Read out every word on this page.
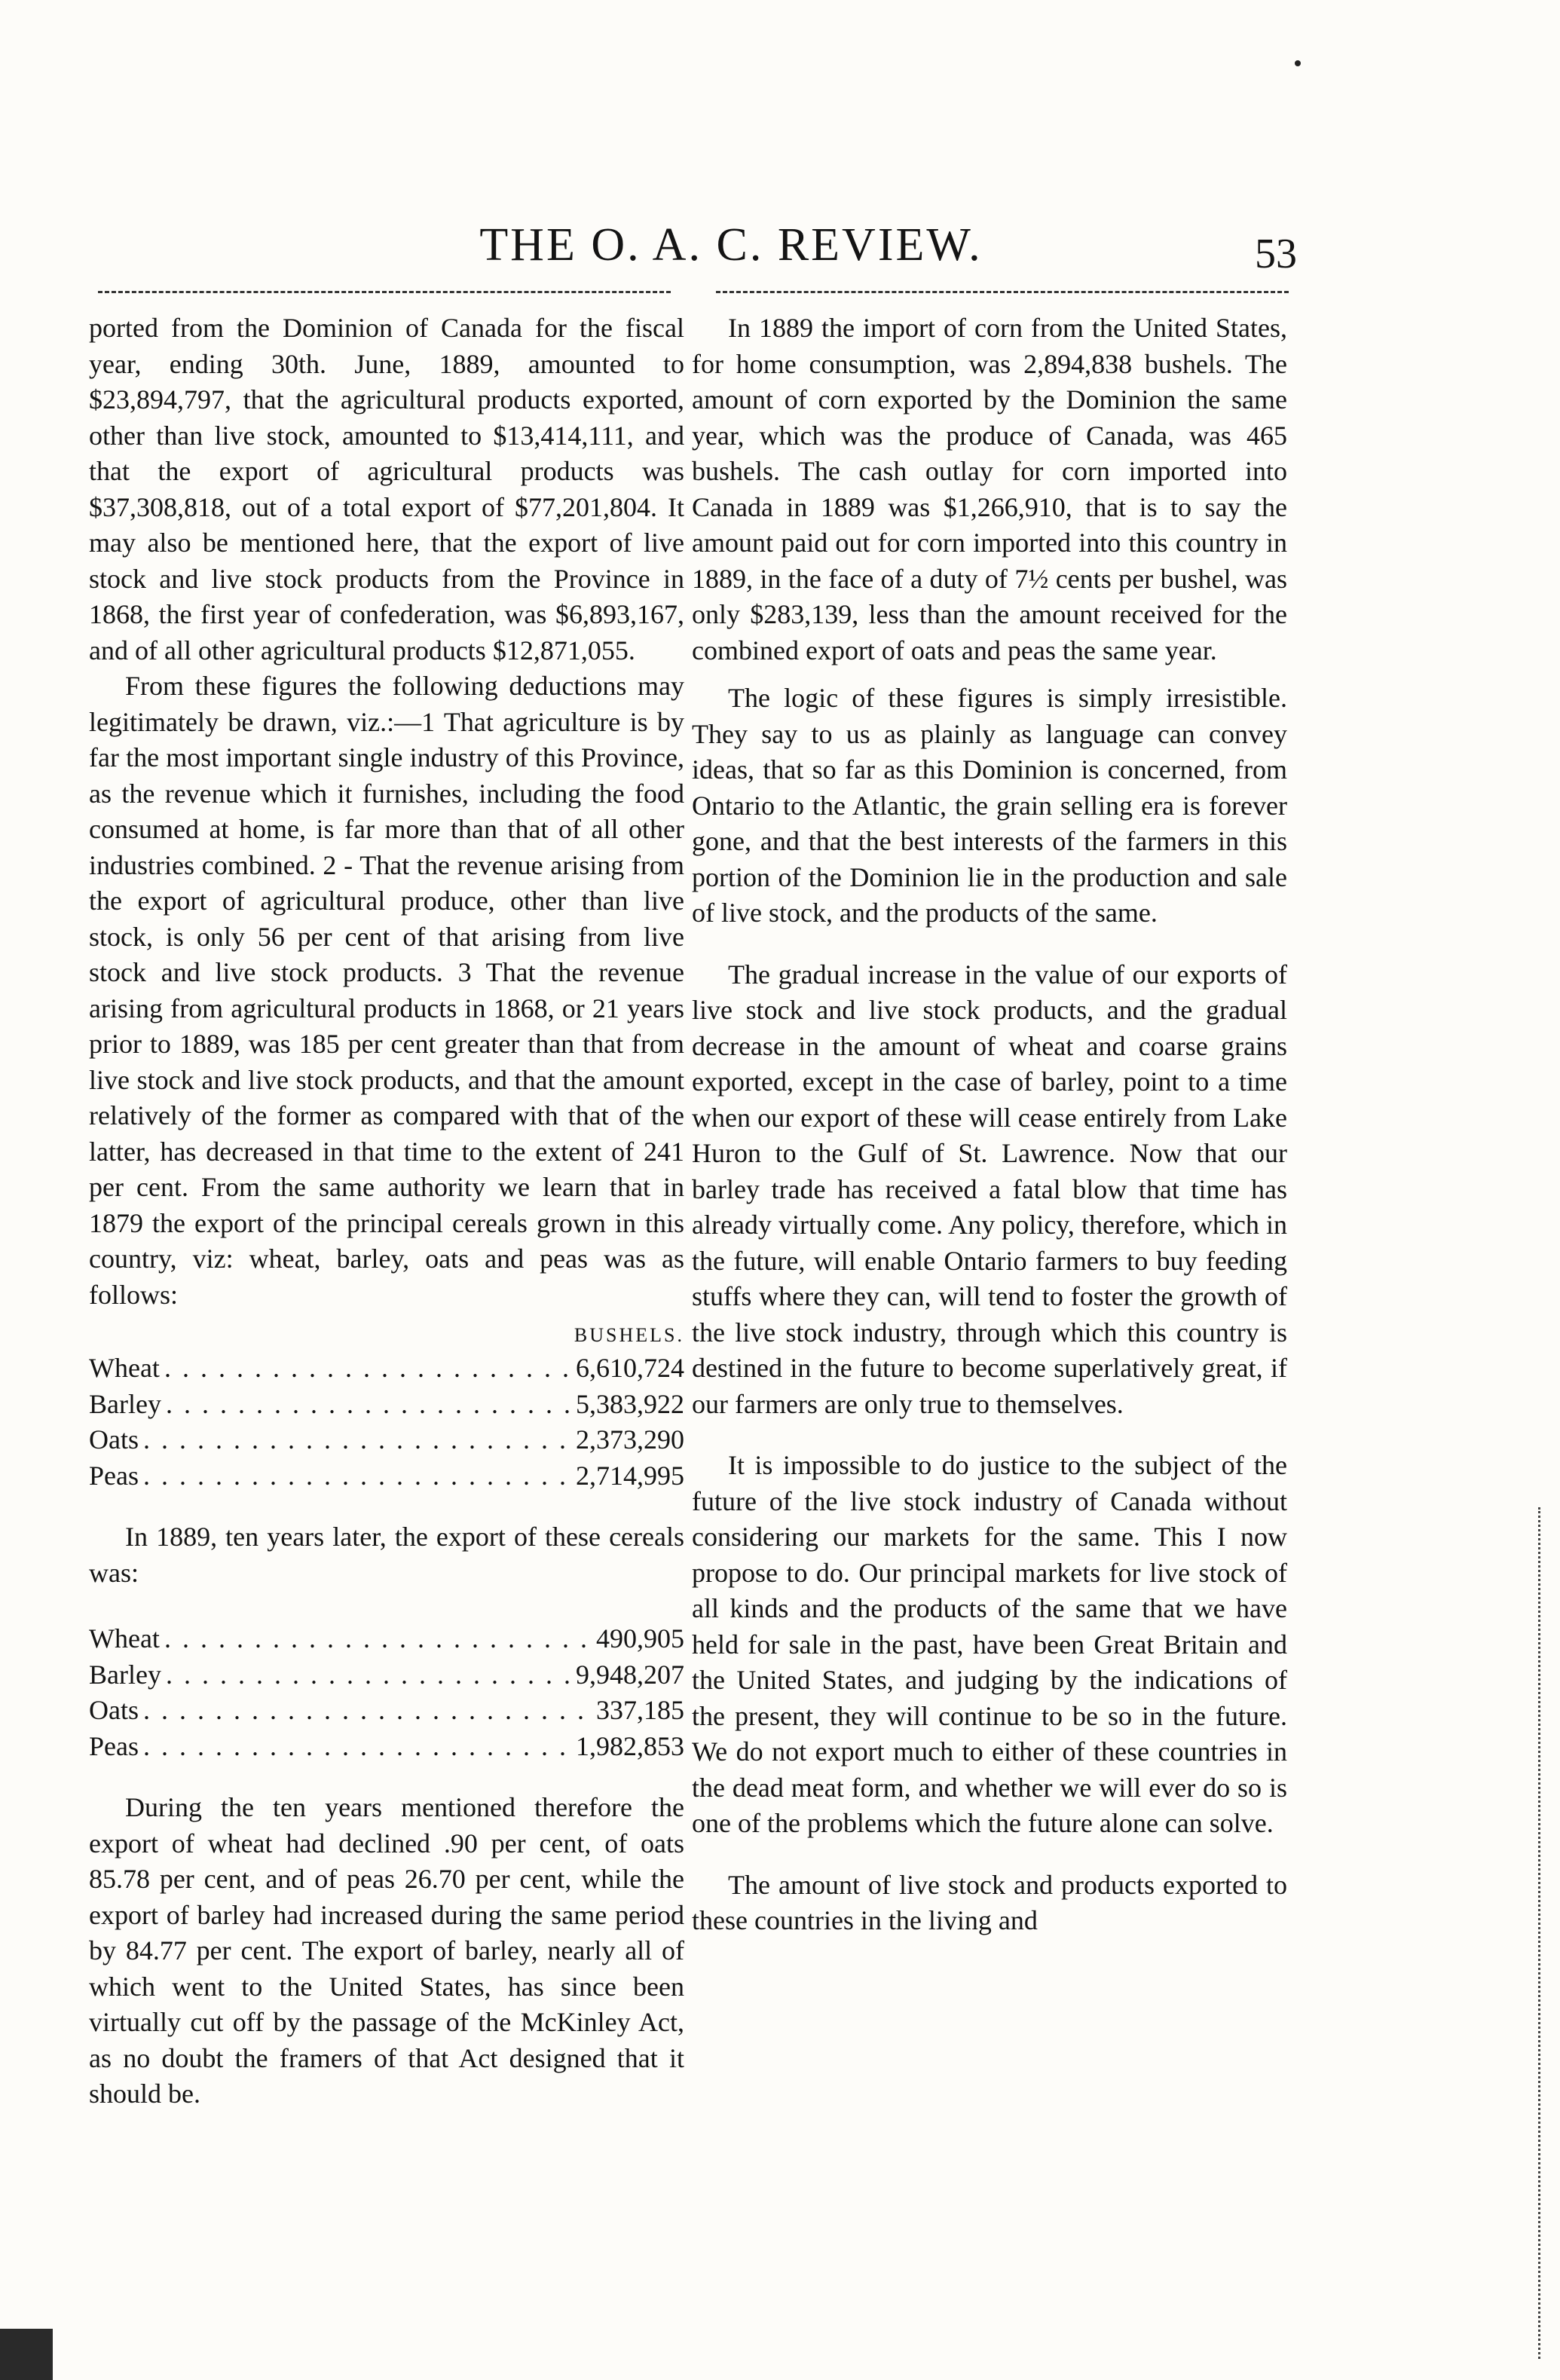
THE O. A. C. REVIEW.	53

ported from the Dominion of Canada for the fiscal year, ending 30th. June, 1889, amounted to $23,894,797, that the agricultural products exported, other than live stock, amounted to $13,414,111, and that the export of agricultural products was $37,308,818, out of a total export of $77,201,804. It may also be mentioned here, that the export of live stock and live stock products from the Province in 1868, the first year of confederation, was $6,893,167, and of all other agricultural products $12,871,055.

From these figures the following deductions may legitimately be drawn, viz.:—1 That agriculture is by far the most important single industry of this Province, as the revenue which it furnishes, including the food consumed at home, is far more than that of all other industries combined. 2 - That the revenue arising from the export of agricultural produce, other than live stock, is only 56 per cent of that arising from live stock and live stock products. 3 That the revenue arising from agricultural products in 1868, or 21 years prior to 1889, was 185 per cent greater than that from live stock and live stock products, and that the amount relatively of the former as compared with that of the latter, has decreased in that time to the extent of 241 per cent. From the same authority we learn that in 1879 the export of the principal cereals grown in this country, viz: wheat, barley, oats and peas was as follows:

BUSHELS.
Wheat . . .	6,610,724
Barley . . .	5,383,922
Oats . . .	2,373,290
Peas . . .	2,714,995

In 1889, ten years later, the export of these cereals was:

Wheat . . .	490,905
Barley . . .	9,948,207
Oats . . .	337,185
Peas . . .	1,982,853

During the ten years mentioned therefore the export of wheat had declined .90 per cent, of oats 85.78 per cent, and of peas 26.70 per cent, while the export of barley had increased during the same period by 84.77 per cent. The export of barley, nearly all of which went to the United States, has since been virtually cut off by the passage of the McKinley Act, as no doubt the framers of that Act designed that it should be.

In 1889 the import of corn from the United States, for home consumption, was 2,894,838 bushels. The amount of corn exported by the Dominion the same year, which was the produce of Canada, was 465 bushels. The cash outlay for corn imported into Canada in 1889 was $1,266,910, that is to say the amount paid out for corn imported into this country in 1889, in the face of a duty of 7½ cents per bushel, was only $283,139, less than the amount received for the combined export of oats and peas the same year.

The logic of these figures is simply irresistible. They say to us as plainly as language can convey ideas, that so far as this Dominion is concerned, from Ontario to the Atlantic, the grain selling era is forever gone, and that the best interests of the farmers in this portion of the Dominion lie in the production and sale of live stock, and the products of the same.

The gradual increase in the value of our exports of live stock and live stock products, and the gradual decrease in the amount of wheat and coarse grains exported, except in the case of barley, point to a time when our export of these will cease entirely from Lake Huron to the Gulf of St. Lawrence. Now that our barley trade has received a fatal blow that time has already virtually come. Any policy, therefore, which in the future, will enable Ontario farmers to buy feeding stuffs where they can, will tend to foster the growth of the live stock industry, through which this country is destined in the future to become superlatively great, if our farmers are only true to themselves.

It is impossible to do justice to the subject of the future of the live stock industry of Canada without considering our markets for the same. This I now propose to do. Our principal markets for live stock of all kinds and the products of the same that we have held for sale in the past, have been Great Britain and the United States, and judging by the indications of the present, they will continue to be so in the future. We do not export much to either of these countries in the dead meat form, and whether we will ever do so is one of the problems which the future alone can solve.

The amount of live stock and products exported to these countries in the living and
